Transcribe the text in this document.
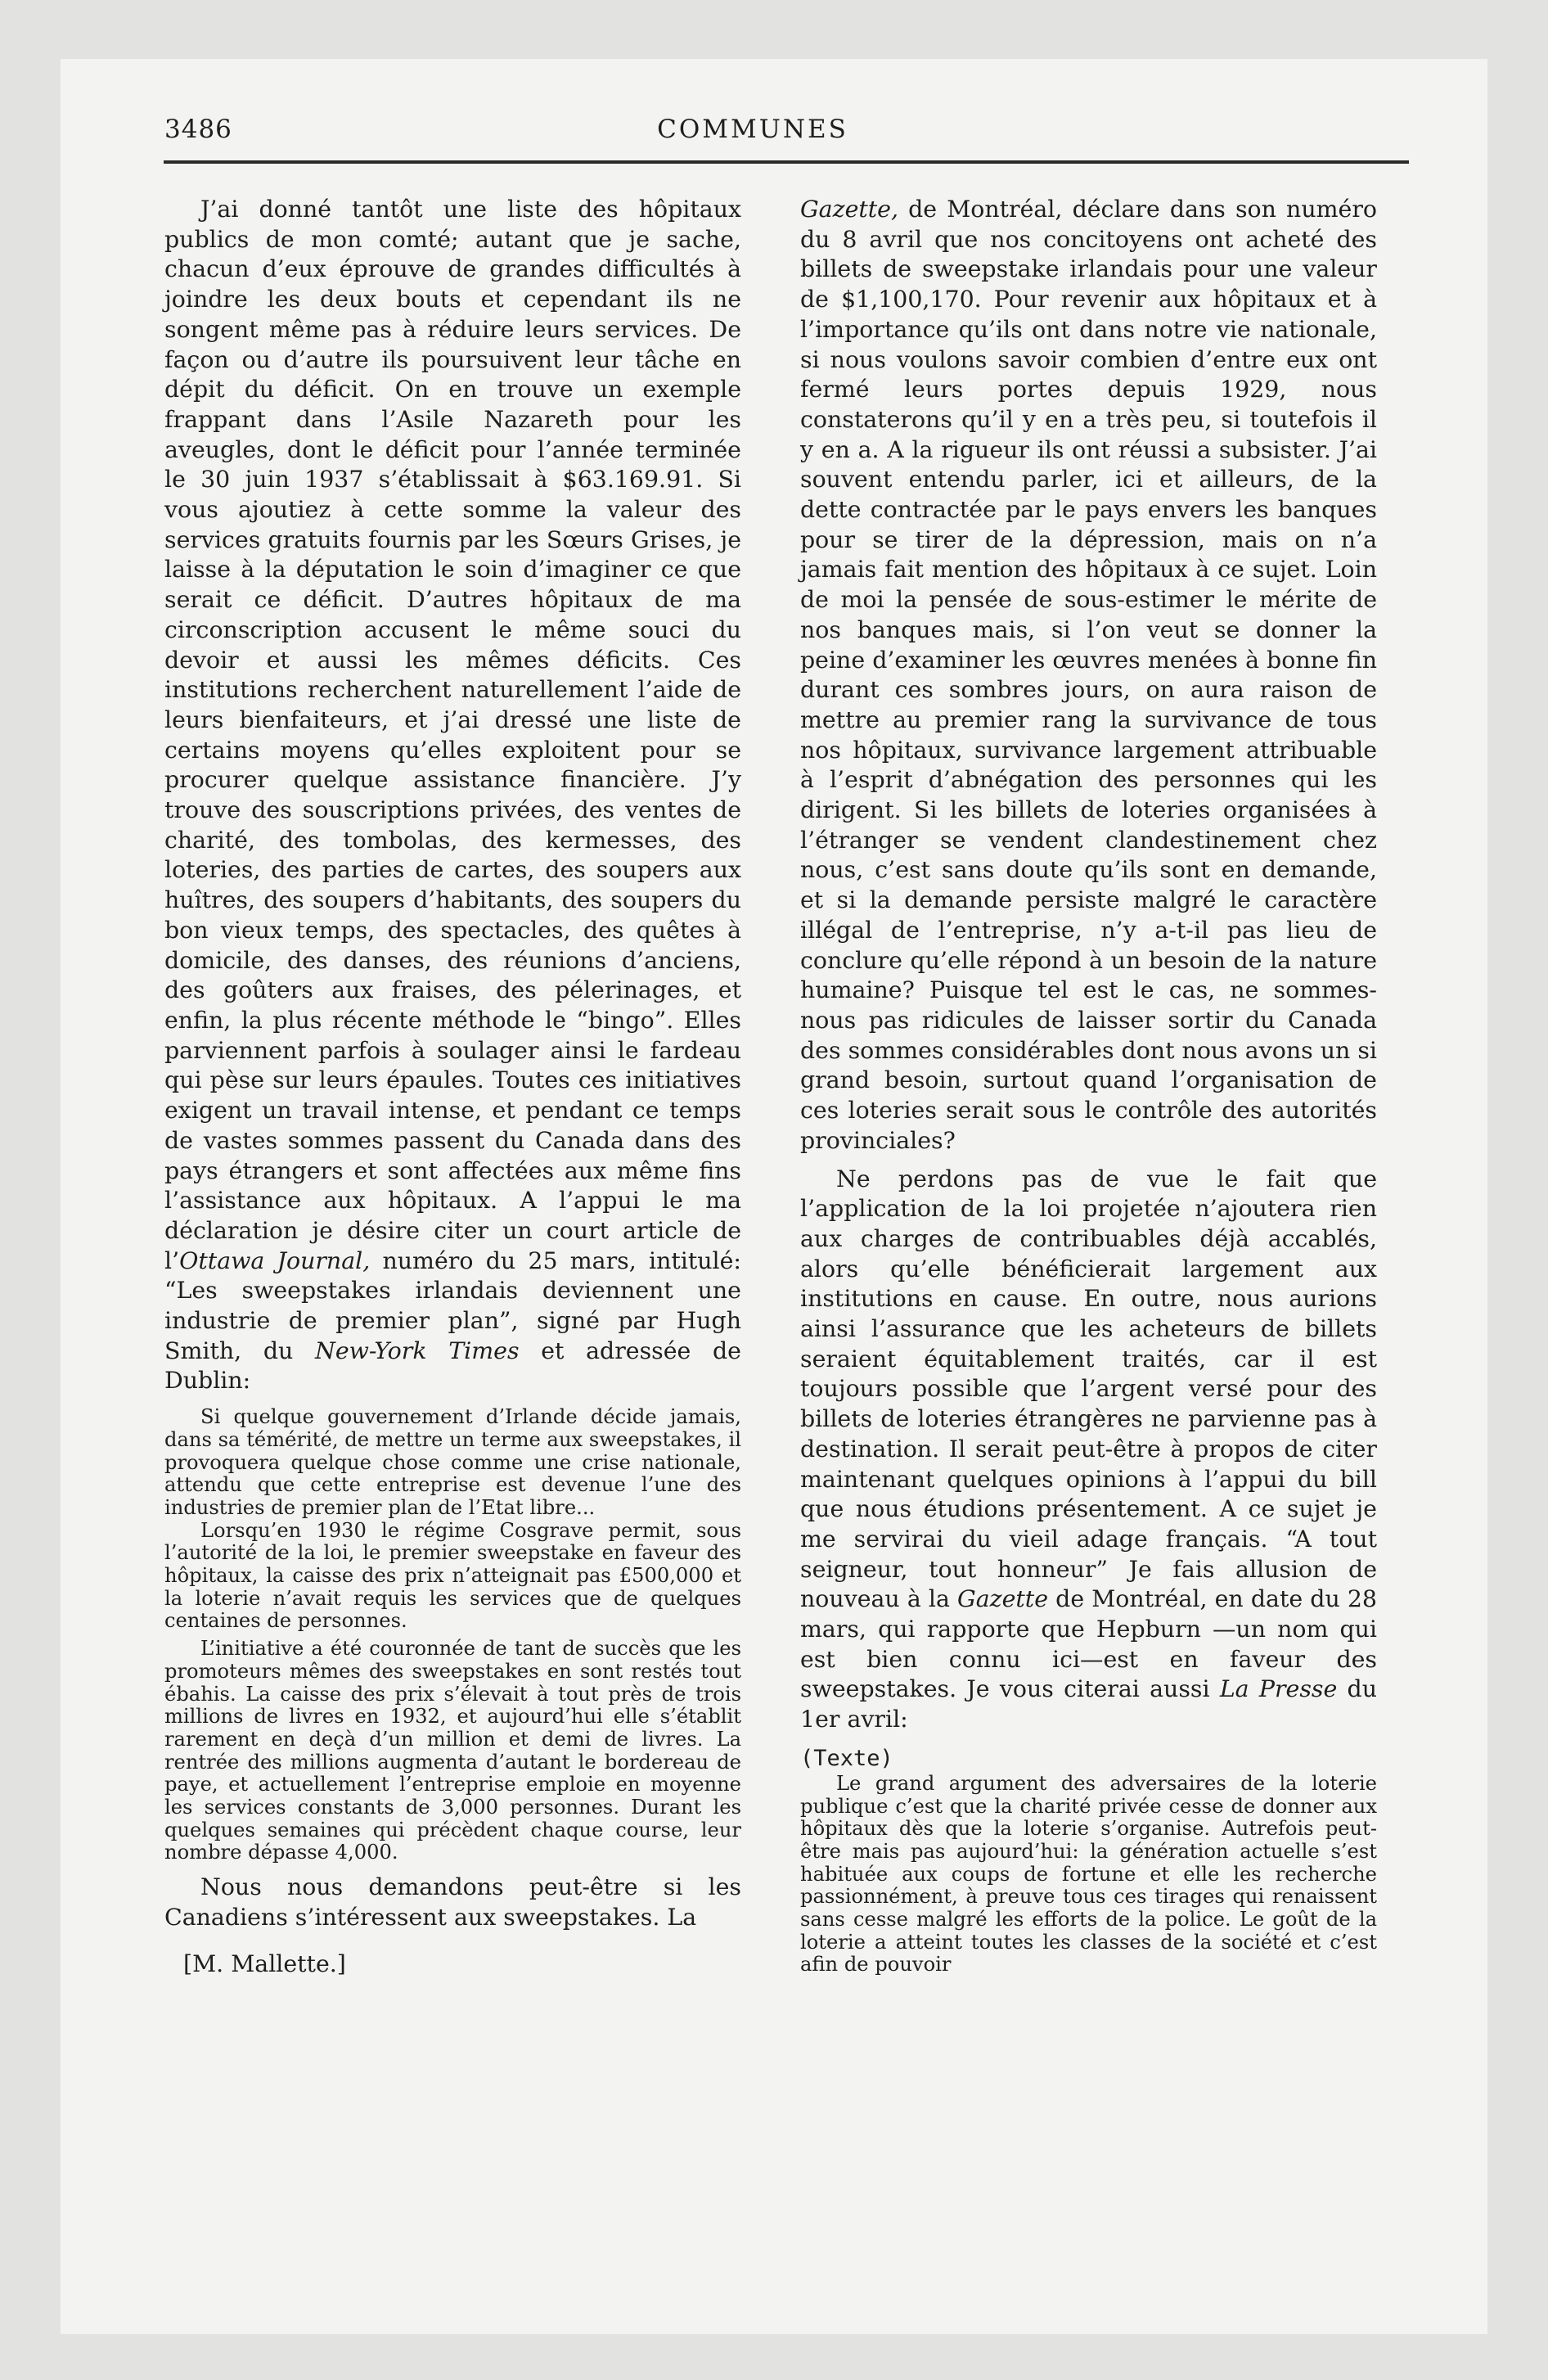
3486	COMMUNES

J’ai donné tantôt une liste des hôpitaux publics de mon comté; autant que je sache, chacun d’eux éprouve de grandes difficultés à joindre les deux bouts et cependant ils ne songent même pas à réduire leurs services. De façon ou d’autre ils poursuivent leur tâche en dépit du déficit. On en trouve un exemple frappant dans l’Asile Nazareth pour les aveugles, dont le déficit pour l’année terminée le 30 juin 1937 s’établissait à $63.169.91. Si vous ajoutiez à cette somme la valeur des services gratuits fournis par les Sœurs Grises, je laisse à la députation le soin d’imaginer ce que serait ce déficit. D’autres hôpitaux de ma circonscription accusent le même souci du devoir et aussi les mêmes déficits. Ces institutions recherchent naturellement l’aide de leurs bienfaiteurs, et j’ai dressé une liste de certains moyens qu’elles exploitent pour se procurer quelque assistance financière. J’y trouve des souscriptions privées, des ventes de charité, des tombolas, des kermesses, des loteries, des parties de cartes, des soupers aux huîtres, des soupers d’habitants, des soupers du bon vieux temps, des spectacles, des quêtes à domicile, des danses, des réunions d’anciens, des goûters aux fraises, des pélerinages, et enfin, la plus récente méthode le “bingo”. Elles parviennent parfois à soulager ainsi le fardeau qui pèse sur leurs épaules. Toutes ces initiatives exigent un travail intense, et pendant ce temps de vastes sommes passent du Canada dans des pays étrangers et sont affectées aux même fins l’assistance aux hôpitaux. A l’appui le ma déclaration je désire citer un court article de l’Ottawa Journal, numéro du 25 mars, intitulé: “Les sweepstakes irlandais deviennent une industrie de premier plan”, signé par Hugh Smith, du New-York Times et adressée de Dublin:

Si quelque gouvernement d’Irlande décide jamais, dans sa témérité, de mettre un terme aux sweepstakes, il provoquera quelque chose comme une crise nationale, attendu que cette entreprise est devenue l’une des industries de premier plan de l’Etat libre...

Lorsqu’en 1930 le régime Cosgrave permit, sous l’autorité de la loi, le premier sweepstake en faveur des hôpitaux, la caisse des prix n’atteignait pas £500,000 et la loterie n’avait requis les services que de quelques centaines de personnes.

L’initiative a été couronnée de tant de succès que les promoteurs mêmes des sweepstakes en sont restés tout ébahis. La caisse des prix s’élevait à tout près de trois millions de livres en 1932, et aujourd’hui elle s’établit rarement en deçà d’un million et demi de livres. La rentrée des millions augmenta d’autant le bordereau de paye, et actuellement l’entreprise emploie en moyenne les services constants de 3,000 personnes. Durant les quelques semaines qui précèdent chaque course, leur nombre dépasse 4,000.

Nous nous demandons peut-être si les Canadiens s’intéressent aux sweepstakes. La

[M. Mallette.]

Gazette, de Montréal, déclare dans son numéro du 8 avril que nos concitoyens ont acheté des billets de sweepstake irlandais pour une valeur de $1,100,170. Pour revenir aux hôpitaux et à l’importance qu’ils ont dans notre vie nationale, si nous voulons savoir combien d’entre eux ont fermé leurs portes depuis 1929, nous constaterons qu’il y en a très peu, si toutefois il y en a. A la rigueur ils ont réussi a subsister. J’ai souvent entendu parler, ici et ailleurs, de la dette contractée par le pays envers les banques pour se tirer de la dépression, mais on n’a jamais fait mention des hôpitaux à ce sujet. Loin de moi la pensée de sous-estimer le mérite de nos banques mais, si l’on veut se donner la peine d’examiner les œuvres menées à bonne fin durant ces sombres jours, on aura raison de mettre au premier rang la survivance de tous nos hôpitaux, survivance largement attribuable à l’esprit d’abnégation des personnes qui les dirigent. Si les billets de loteries organisées à l’étranger se vendent clandestinement chez nous, c’est sans doute qu’ils sont en demande, et si la demande persiste malgré le caractère illégal de l’entreprise, n’y a-t-il pas lieu de conclure qu’elle répond à un besoin de la nature humaine? Puisque tel est le cas, ne sommes-nous pas ridicules de laisser sortir du Canada des sommes considérables dont nous avons un si grand besoin, surtout quand l’organisation de ces loteries serait sous le contrôle des autorités provinciales?

Ne perdons pas de vue le fait que l’application de la loi projetée n’ajoutera rien aux charges de contribuables déjà accablés, alors qu’elle bénéficierait largement aux institutions en cause. En outre, nous aurions ainsi l’assurance que les acheteurs de billets seraient équitablement traités, car il est toujours possible que l’argent versé pour des billets de loteries étrangères ne parvienne pas à destination. Il serait peut-être à propos de citer maintenant quelques opinions à l’appui du bill que nous étudions présentement. A ce sujet je me servirai du vieil adage français. “A tout seigneur, tout honneur” Je fais allusion de nouveau à la Gazette de Montréal, en date du 28 mars, qui rapporte que Hepburn —un nom qui est bien connu ici—est en faveur des sweepstakes. Je vous citerai aussi La Presse du 1er avril:

(Texte)

Le grand argument des adversaires de la loterie publique c’est que la charité privée cesse de donner aux hôpitaux dès que la loterie s’organise. Autrefois peut-être mais pas aujourd’hui: la génération actuelle s’est habituée aux coups de fortune et elle les recherche passionnément, à preuve tous ces tirages qui renaissent sans cesse malgré les efforts de la police. Le goût de la loterie a atteint toutes les classes de la société et c’est afin de pouvoir
